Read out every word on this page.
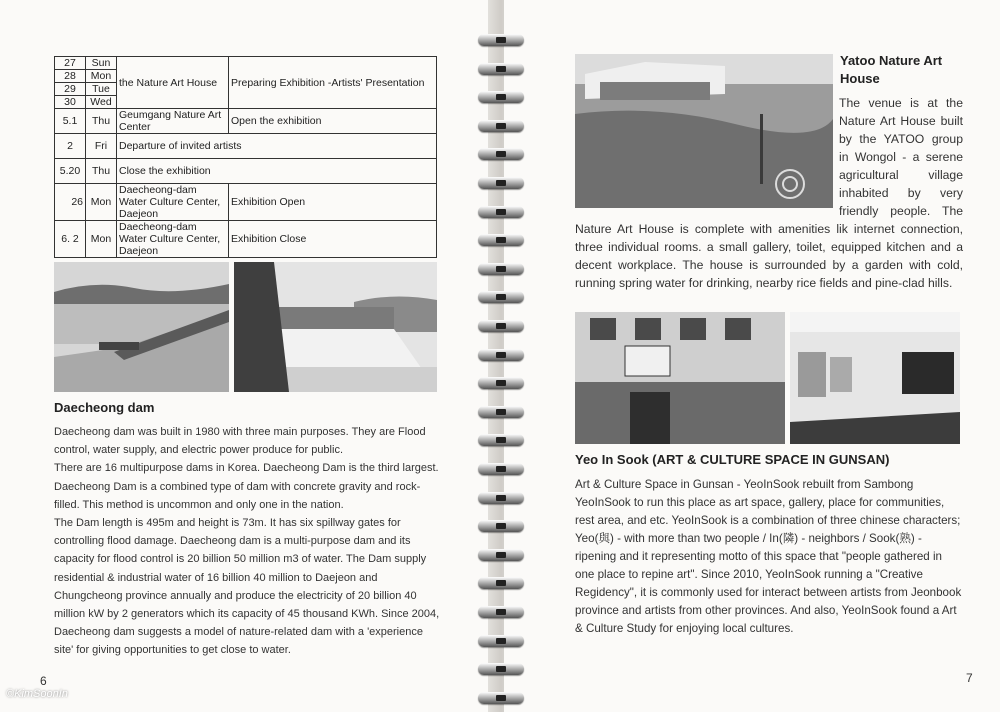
27	Sun	the Nature Art House	Preparing Exhibition -Artists' Presentation
28	Mon		
29	Tue		
30	Wed		
5.1	Thu	Geumgang Nature Art Center	Open the exhibition
2	Fri	Departure of invited artists	
5.20	Thu	Close the exhibition	
26	Mon	Daecheong-dam Water Culture Center, Daejeon	Exhibition Open
6. 2	Mon	Daecheong-dam Water Culture Center, Daejeon	Exhibition Close
Daecheong dam

Daecheong dam was built in 1980 with three main purposes. They are Flood control, water supply, and electric power produce for public.

There are 16 multipurpose dams in Korea. Daecheong Dam is the third largest. Daecheong Dam is a combined type of dam with concrete gravity and rock-filled. This method is uncommon and only one in the nation.

The Dam length is 495m and height is 73m. It has six spillway gates for controlling flood damage. Daecheong dam is a multi-purpose dam and its capacity for flood control is 20 billion 50 million m3 of water. The Dam supply residential & industrial water of 16 billion 40 million to Daejeon and Chungcheong province annually and produce the electricity of 20 billion 40 million kW by 2 generators which its capacity of 45 thousand KWh. Since 2004, Daecheong dam suggests a model of nature-related dam with a 'experience site' for giving opportunities to get close to water.

6
Yatoo Nature Art House

The venue is at the Nature Art House built by the YATOO group in Wongol - a serene agricultural village inhabited by very friendly people. The Nature Art House is complete with amenities lik internet connection, three individual rooms. a small gallery, toilet, equipped kitchen and a decent workplace. The house is surrounded by a garden with cold, running spring water for drinking, nearby rice fields and pine-clad hills.

Yeo In Sook (ART & CULTURE SPACE IN GUNSAN)

Art & Culture Space in Gunsan - YeoInSook rebuilt from Sambong YeoInSook to run this place as art space, gallery, place for communities, rest area, and etc. YeoInSook is a combination of three chinese characters; Yeo(與) - with more than two people / In(隣) - neighbors / Sook(熟) - ripening and it representing motto of this space that "people gathered in one place to repine art". Since 2010, YeoInSook running a "Creative Regidency", it is commonly used for interact between artists from Jeonbook province and artists from other provinces. And also, YeoInSook found a Art & Culture Study for enjoying local cultures.

7
©KimSoonIn
